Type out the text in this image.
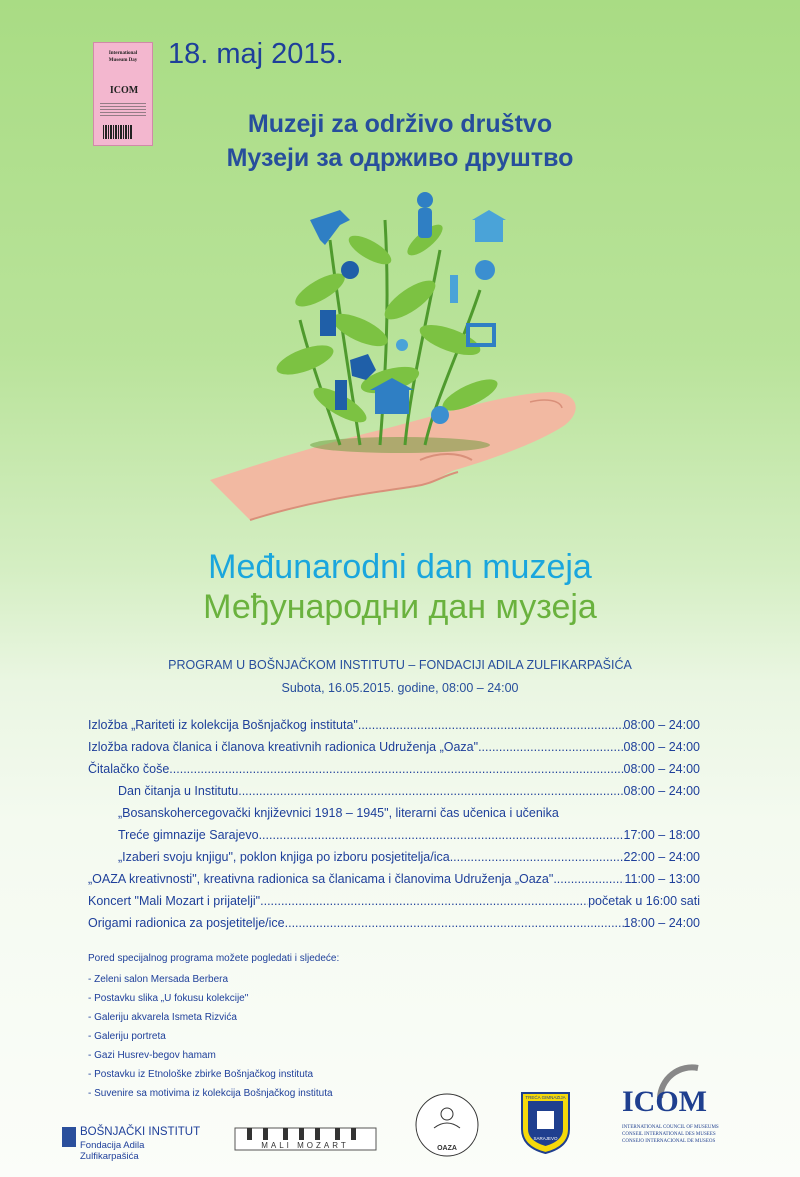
International
Museum Day
ICOM
18. maj 2015.
Muzeji za održivo društvo
Музеји за одрживо друштво
Međunarodni dan muzeja
Међународни дан музеја
PROGRAM U BOŠNJAČKOM INSTITUTU – FONDACIJI ADILA ZULFIKARPAŠIĆA
Subota, 16.05.2015. godine, 08:00 – 24:00
Izložba „Rariteti iz kolekcija Bošnjačkog instituta" .....	08:00 – 24:00
Izložba radova članica i članova kreativnih radionica Udruženja „Oaza" .....	08:00 – 24:00
Čitalačko čoše .....	08:00 – 24:00
Dan čitanja u Institutu .....	08:00 – 24:00
„Bosanskohercegovački književnici 1918 – 1945", literarni čas učenica i učenika
Treće gimnazije Sarajevo .....	17:00 – 18:00
„Izaberi svoju knjigu", poklon knjiga po izboru posjetitelja/ica .....	22:00 – 24:00
„OAZA kreativnosti", kreativna radionica sa članicama i članovima Udruženja „Oaza" .....	11:00 – 13:00
Koncert "Mali Mozart i prijatelji" .....	početak u 16:00 sati
Origami radionica za posjetitelje/ice .....	18:00 – 24:00
Pored specijalnog programa možete pogledati i sljedeće:
- Zeleni salon Mersada Berbera
- Postavku slika „U fokusu kolekcije"
- Galeriju akvarela Ismeta Rizvića
- Galeriju portreta
- Gazi Husrev-begov hamam
- Postavku iz Etnološke zbirke Bošnjačkog instituta
- Suvenire sa motivima iz kolekcija Bošnjačkog instituta
BOŠNJAČKI INSTITUT
Fondacija Adila Zulfikarpašića
MALI MOZART	OAZA
TREĆA GIMNAZIJA
SARAJEVO
ICOM
INTERNATIONAL COUNCIL OF MUSEUMS
CONSEIL INTERNATIONAL DES MUSEES
CONSEJO INTERNACIONAL DE MUSEOS
